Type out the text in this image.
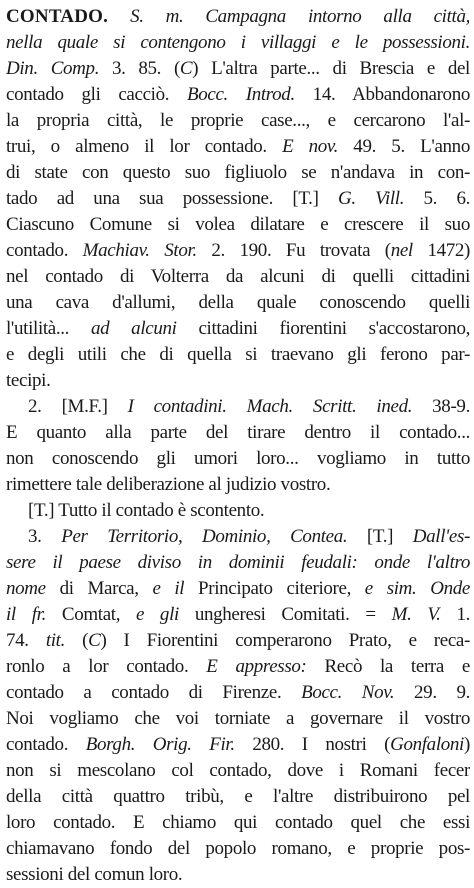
CONTADO. S. m. Campagna intorno alla città,
nella quale si contengono i villaggi e le possessioni.
Din. Comp. 3. 85. (C) L'altra parte... di Brescia e del
contado gli cacciò. Bocc. Introd. 14. Abbandonarono
la propria città, le proprie case..., e cercarono l'al-
trui, o almeno il lor contado. E nov. 49. 5. L'anno
di state con questo suo figliuolo se n'andava in con-
tado ad una sua possessione. [T.] G. Vill. 5. 6.
Ciascuno Comune si volea dilatare e crescere il suo
contado. Machiav. Stor. 2. 190. Fu trovata (nel 1472)
nel contado di Volterra da alcuni di quelli cittadini
una cava d'allumi, della quale conoscendo quelli
l'utilità... ad alcuni cittadini fiorentini s'accostarono,
e degli utili che di quella si traevano gli ferono par-
tecipi.
2. [M.F.] I contadini. Mach. Scritt. ined. 38-9.
E quanto alla parte del tirare dentro il contado...
non conoscendo gli umori loro... vogliamo in tutto
rimettere tale deliberazione al judizio vostro.
[T.] Tutto il contado è scontento.
3. Per Territorio, Dominio, Contea. [T.] Dall'es-
sere il paese diviso in dominii feudali: onde l'altro
nome di Marca, e il Principato citeriore, e sim. Onde
il fr. Comtat, e gli ungheresi Comitati. = M. V. 1.
74. tit. (C) I Fiorentini comperarono Prato, e reca-
ronlo a lor contado. E appresso: Recò la terra e
contado a contado di Firenze. Bocc. Nov. 29. 9.
Noi vogliamo che voi torniate a governare il vostro
contado. Borgh. Orig. Fir. 280. I nostri (Gonfaloni)
non si mescolano col contado, dove i Romani fecer
della città quattro tribù, e l'altre distribuirono pel
loro contado. E chiamo qui contado quel che essi
chiamavano fondo del popolo romano, e proprie pos-
sessioni del comun loro.
